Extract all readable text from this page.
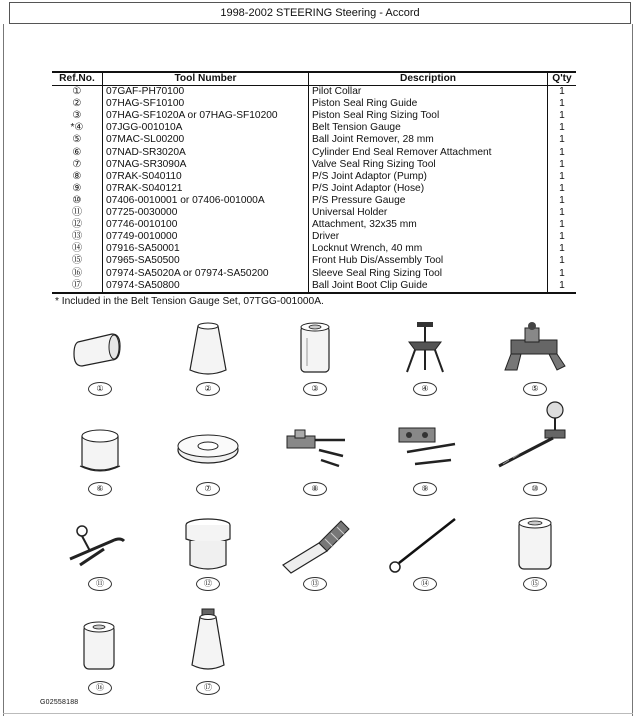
1998-2002 STEERING Steering - Accord
Ref.No.	Tool Number	Description	Q'ty
①	07GAF-PH70100	Pilot Collar	1
②	07HAG-SF10100	Piston Seal Ring Guide	1
③	07HAG-SF1020A or 07HAG-SF10200	Piston Seal Ring Sizing Tool	1
*④	07JGG-001010A	Belt Tension Gauge	1
⑤	07MAC-SL00200	Ball Joint Remover, 28 mm	1
⑥	07NAD-SR3020A	Cylinder End Seal Remover Attachment	1
⑦	07NAG-SR3090A	Valve Seal Ring Sizing Tool	1
⑧	07RAK-S040110	P/S Joint Adaptor (Pump)	1
⑨	07RAK-S040121	P/S Joint Adaptor (Hose)	1
⑩	07406-0010001 or 07406-001000A	P/S Pressure Gauge	1
⑪	07725-0030000	Universal Holder	1
⑫	07746-0010100	Attachment, 32x35 mm	1
⑬	07749-0010000	Driver	1
⑭	07916-SA50001	Locknut Wrench, 40 mm	1
⑮	07965-SA50500	Front Hub Dis/Assembly Tool	1
⑯	07974-SA5020A or 07974-SA50200	Sleeve Seal Ring Sizing Tool	1
⑰	07974-SA50800	Ball Joint Boot Clip Guide	1
* Included in the Belt Tension Gauge Set, 07TGG-001000A.
①	②	③	④	⑤
⑥	⑦	⑧	⑨	⑩
⑪	⑫	⑬	⑭	⑮
⑯	⑰
G02558188
